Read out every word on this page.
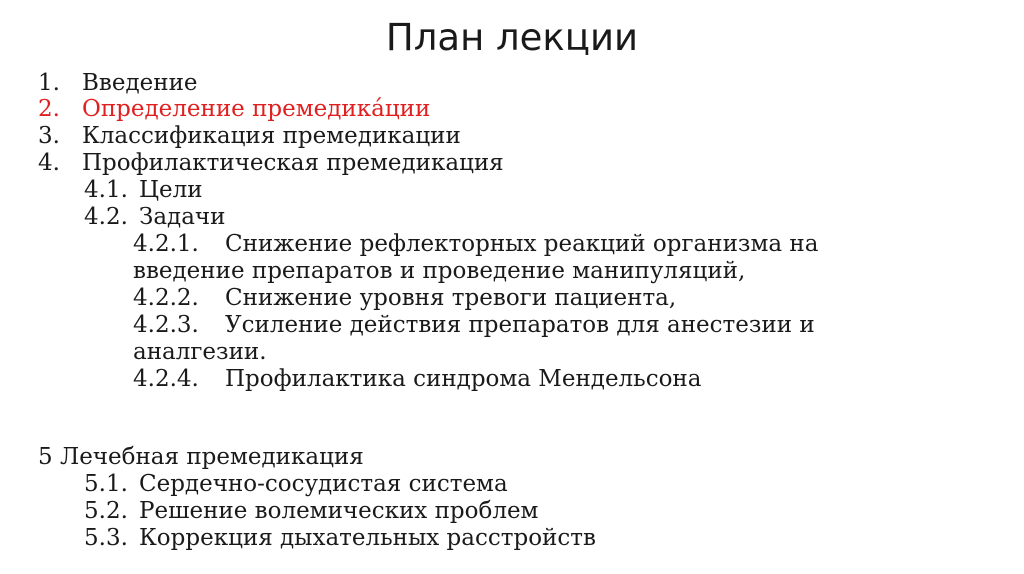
План лекции
1. Введение
2. Определение премедика́ции
3. Классификация премедикации
4. Профилактическая премедикация
4.1. Цели
4.2. Задачи
4.2.1. Снижение рефлекторных реакций организма на
введение препаратов и проведение манипуляций,
4.2.2. Снижение уровня тревоги пациента,
4.2.3. Усиление действия препаратов для анестезии и
аналгезии.
4.2.4. Профилактика синдрома Мендельсона
5 Лечебная премедикация
5.1. Сердечно-сосудистая система
5.2. Решение волемических проблем
5.3. Коррекция дыхательных расстройств
